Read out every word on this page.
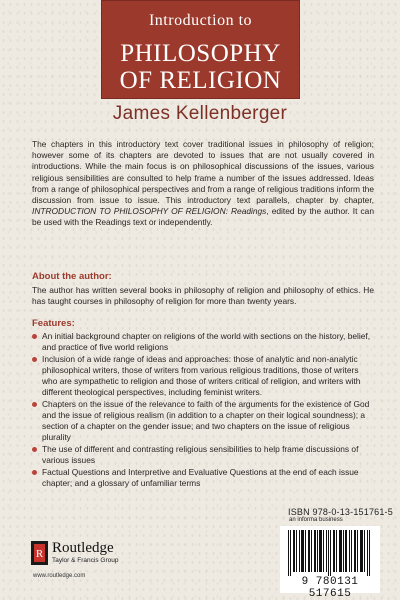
Introduction to
PHILOSOPHY
OF RELIGION
James Kellenberger
The chapters in this introductory text cover traditional issues in philosophy of religion; however some of its chapters are devoted to issues that are not usually covered in introductions. While the main focus is on philosophical discussions of the issues, various religious sensibilities are consulted to help frame a number of the issues addressed. Ideas from a range of philosophical perspectives and from a range of religious traditions inform the discussion from issue to issue. This introductory text parallels, chapter by chapter, INTRODUCTION TO PHILOSOPHY OF RELIGION: Readings, edited by the author. It can be used with the Readings text or independently.
About the author:
The author has written several books in philosophy of religion and philosophy of ethics. He has taught courses in philosophy of religion for more than twenty years.
Features:
An initial background chapter on religions of the world with sections on the history, belief, and practice of five world religions
Inclusion of a wide range of ideas and approaches: those of analytic and non-analytic philosophical writers, those of writers from various religious traditions, those of writers who are sympathetic to religion and those of writers critical of religion, and writers with different theological perspectives, including feminist writers.
Chapters on the issue of the relevance to faith of the arguments for the existence of God and the issue of religious realism (in addition to a chapter on their logical soundness); a section of a chapter on the gender issue; and two chapters on the issue of religious plurality
The use of different and contrasting religious sensibilities to help frame discussions of various issues
Factual Questions and Interpretive and Evaluative Questions at the end of each issue chapter; and a glossary of unfamiliar terms
ISBN 978-0-13-151761-5
an informa business
9 780131 517615
R Routledge
Taylor & Francis Group
www.routledge.com
